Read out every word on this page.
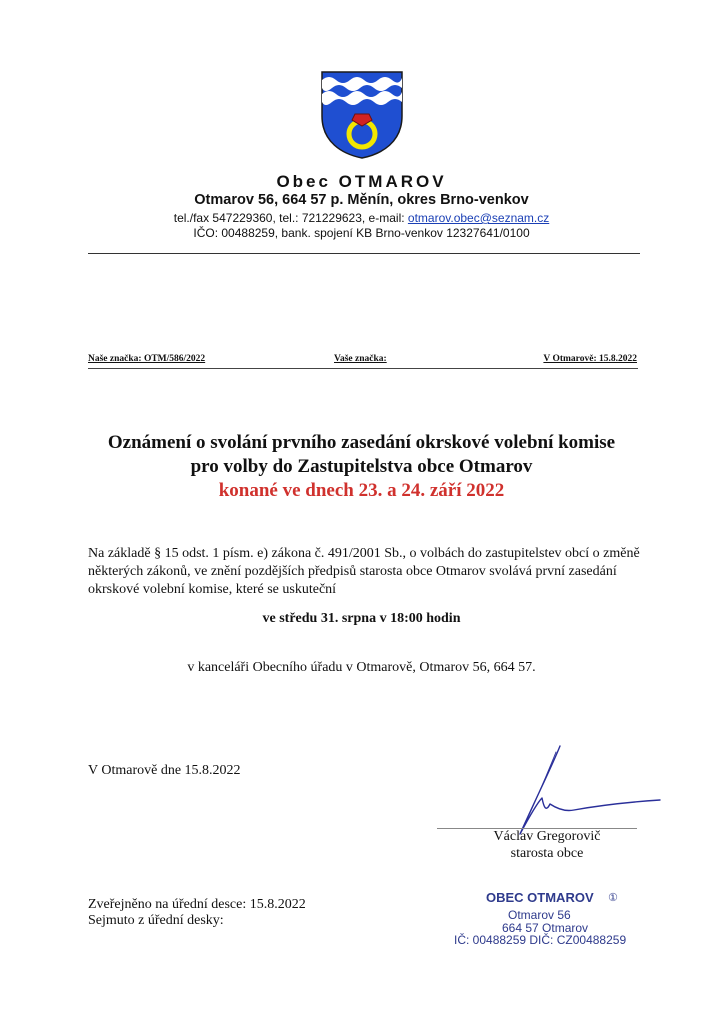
Obec OTMAROV
Otmarov 56, 664 57 p. Měnín, okres Brno-venkov
tel./fax 547229360, tel.: 721229623, e-mail: otmarov.obec@seznam.cz
IČO: 00488259, bank. spojení KB Brno-venkov 12327641/0100
Naše značka: OTM/586/2022	Vaše značka:	V Otmarově: 15.8.2022
Oznámení o svolání prvního zasedání okrskové volební komise
pro volby do Zastupitelstva obce Otmarov
konané ve dnech 23. a 24. září 2022
Na základě § 15 odst. 1 písm. e) zákona č. 491/2001 Sb., o volbách do zastupitelstev obcí o změně některých zákonů, ve znění pozdějších předpisů starosta obce Otmarov svolává první zasedání okrskové volební komise, které se uskuteční
ve středu 31. srpna v 18:00 hodin
v kanceláři Obecního úřadu v Otmarově, Otmarov 56, 664 57.
V Otmarově dne 15.8.2022
Václav Gregorovič
starosta obce
Zveřejněno na úřední desce: 15.8.2022
Sejmuto z úřední desky:
OBEC OTMAROV ①
Otmarov 56
664 57 Otmarov
IČ: 00488259 DIČ: CZ00488259
